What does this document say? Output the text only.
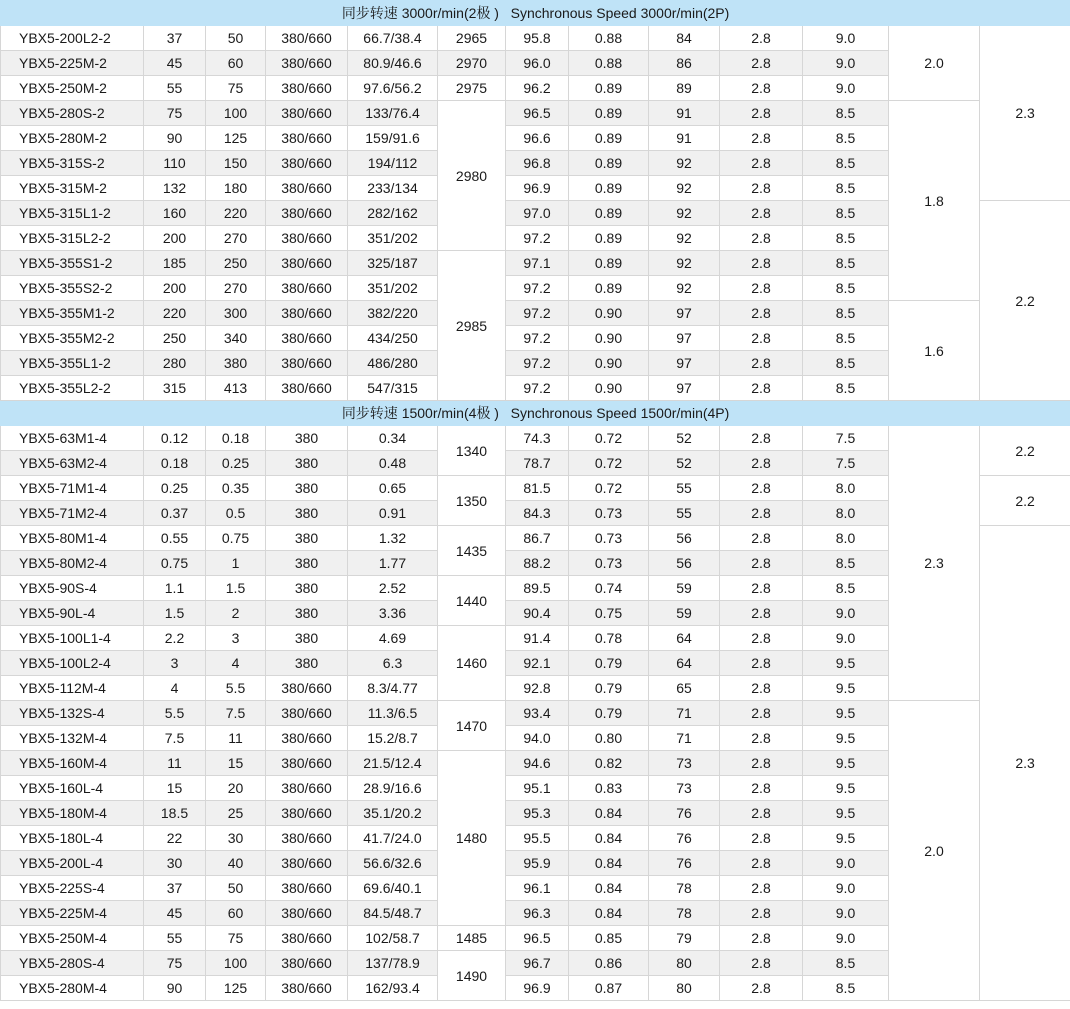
同步转速 3000r/min(2极 )   Synchronous Speed 3000r/min(2P)												
YBX5-200L2-2	37	50	380/660	66.7/38.4	2965	95.8	0.88	84	2.8	9.0	2.0	2.3
YBX5-225M-2	45	60	380/660	80.9/46.6	2970	96.0	0.88	86	2.8	9.0		
YBX5-250M-2	55	75	380/660	97.6/56.2	2975	96.2	0.89	89	2.8	9.0		
YBX5-280S-2	75	100	380/660	133/76.4	2980	96.5	0.89	91	2.8	8.5	1.8	
YBX5-280M-2	90	125	380/660	159/91.6		96.6	0.89	91	2.8	8.5		
YBX5-315S-2	110	150	380/660	194/112		96.8	0.89	92	2.8	8.5		
YBX5-315M-2	132	180	380/660	233/134		96.9	0.89	92	2.8	8.5		
YBX5-315L1-2	160	220	380/660	282/162		97.0	0.89	92	2.8	8.5		2.2
YBX5-315L2-2	200	270	380/660	351/202		97.2	0.89	92	2.8	8.5		
YBX5-355S1-2	185	250	380/660	325/187	2985	97.1	0.89	92	2.8	8.5		
YBX5-355S2-2	200	270	380/660	351/202		97.2	0.89	92	2.8	8.5		
YBX5-355M1-2	220	300	380/660	382/220		97.2	0.90	97	2.8	8.5	1.6	
YBX5-355M2-2	250	340	380/660	434/250		97.2	0.90	97	2.8	8.5		
YBX5-355L1-2	280	380	380/660	486/280		97.2	0.90	97	2.8	8.5		
YBX5-355L2-2	315	413	380/660	547/315		97.2	0.90	97	2.8	8.5		
同步转速 1500r/min(4极 )   Synchronous Speed 1500r/min(4P)												
YBX5-63M1-4	0.12	0.18	380	0.34	1340	74.3	0.72	52	2.8	7.5	2.3	2.2
YBX5-63M2-4	0.18	0.25	380	0.48		78.7	0.72	52	2.8	7.5		
YBX5-71M1-4	0.25	0.35	380	0.65	1350	81.5	0.72	55	2.8	8.0		2.2
YBX5-71M2-4	0.37	0.5	380	0.91		84.3	0.73	55	2.8	8.0		
YBX5-80M1-4	0.55	0.75	380	1.32	1435	86.7	0.73	56	2.8	8.0		2.3
YBX5-80M2-4	0.75	1	380	1.77		88.2	0.73	56	2.8	8.5		
YBX5-90S-4	1.1	1.5	380	2.52	1440	89.5	0.74	59	2.8	8.5		
YBX5-90L-4	1.5	2	380	3.36		90.4	0.75	59	2.8	9.0		
YBX5-100L1-4	2.2	3	380	4.69	1460	91.4	0.78	64	2.8	9.0		
YBX5-100L2-4	3	4	380	6.3		92.1	0.79	64	2.8	9.5		
YBX5-112M-4	4	5.5	380/660	8.3/4.77		92.8	0.79	65	2.8	9.5		
YBX5-132S-4	5.5	7.5	380/660	11.3/6.5	1470	93.4	0.79	71	2.8	9.5	2.0	
YBX5-132M-4	7.5	11	380/660	15.2/8.7		94.0	0.80	71	2.8	9.5		
YBX5-160M-4	11	15	380/660	21.5/12.4	1480	94.6	0.82	73	2.8	9.5		
YBX5-160L-4	15	20	380/660	28.9/16.6		95.1	0.83	73	2.8	9.5		
YBX5-180M-4	18.5	25	380/660	35.1/20.2		95.3	0.84	76	2.8	9.5		
YBX5-180L-4	22	30	380/660	41.7/24.0		95.5	0.84	76	2.8	9.5		
YBX5-200L-4	30	40	380/660	56.6/32.6		95.9	0.84	76	2.8	9.0		
YBX5-225S-4	37	50	380/660	69.6/40.1		96.1	0.84	78	2.8	9.0		
YBX5-225M-4	45	60	380/660	84.5/48.7		96.3	0.84	78	2.8	9.0		
YBX5-250M-4	55	75	380/660	102/58.7	1485	96.5	0.85	79	2.8	9.0		
YBX5-280S-4	75	100	380/660	137/78.9	1490	96.7	0.86	80	2.8	8.5		
YBX5-280M-4	90	125	380/660	162/93.4		96.9	0.87	80	2.8	8.5		
